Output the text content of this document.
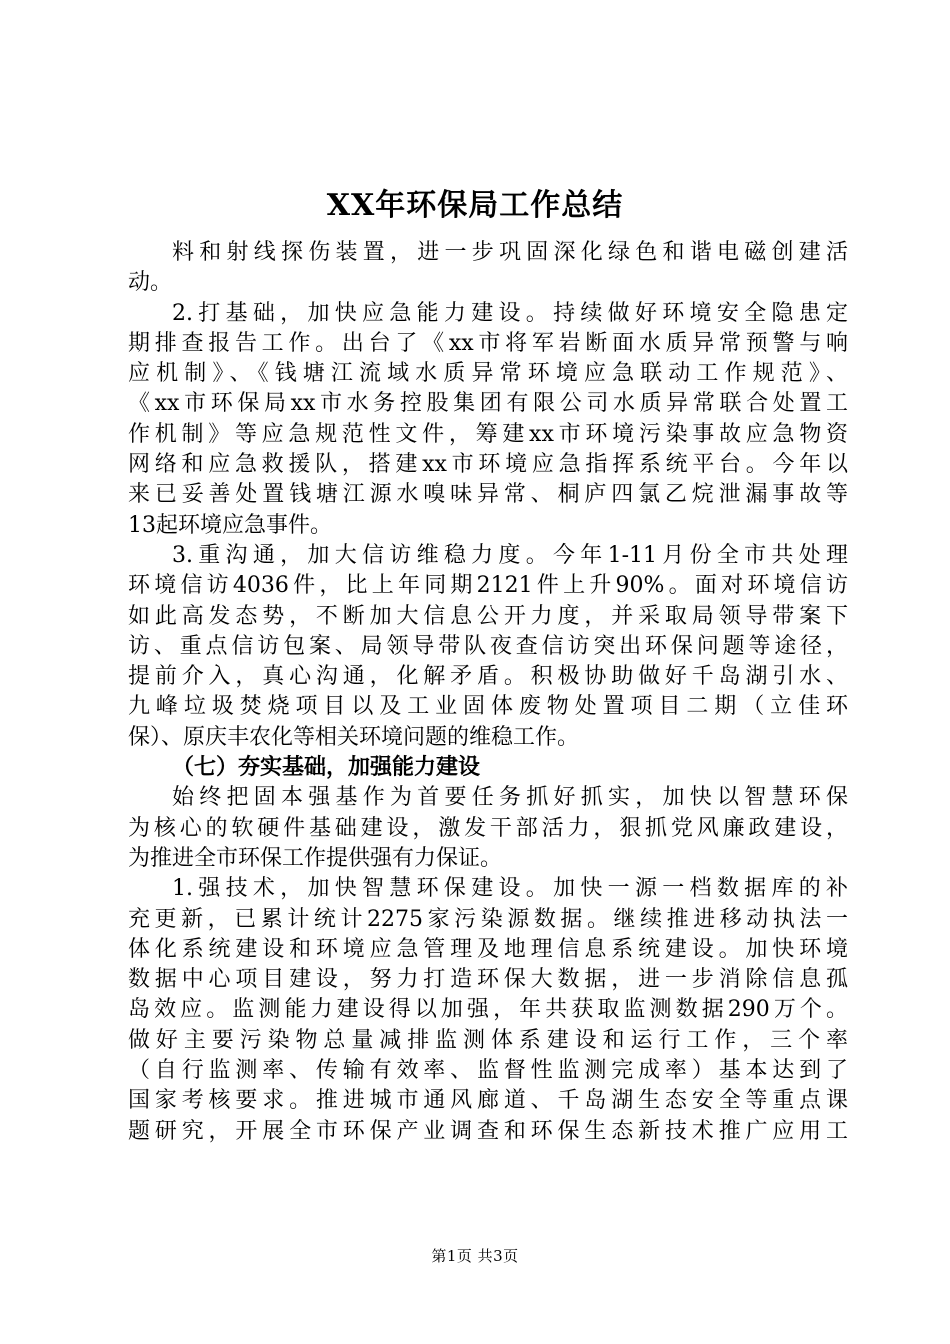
XX年环保局工作总结
料和射线探伤装置，进一步巩固深化绿色和谐电磁创建活
动。
2.打基础，加快应急能力建设。持续做好环境安全隐患定
期排查报告工作。出台了《xx市将军岩断面水质异常预警与响
应机制》、《钱塘江流域水质异常环境应急联动工作规范》、
《xx市环保局xx市水务控股集团有限公司水质异常联合处置工
作机制》等应急规范性文件，筹建xx市环境污染事故应急物资
网络和应急救援队，搭建xx市环境应急指挥系统平台。今年以
来已妥善处置钱塘江源水嗅味异常、桐庐四氯乙烷泄漏事故等
13起环境应急事件。
3.重沟通，加大信访维稳力度。今年1-11月份全市共处理
环境信访4036件，比上年同期2121件上升90%。面对环境信访
如此高发态势，不断加大信息公开力度，并采取局领导带案下
访、重点信访包案、局领导带队夜查信访突出环保问题等途径，
提前介入，真心沟通，化解矛盾。积极协助做好千岛湖引水、
九峰垃圾焚烧项目以及工业固体废物处置项目二期（立佳环
保）、原庆丰农化等相关环境问题的维稳工作。
（七）夯实基础，加强能力建设
始终把固本强基作为首要任务抓好抓实，加快以智慧环保
为核心的软硬件基础建设，激发干部活力，狠抓党风廉政建设，
为推进全市环保工作提供强有力保证。
1.强技术，加快智慧环保建设。加快一源一档数据库的补
充更新，已累计统计2275家污染源数据。继续推进移动执法一
体化系统建设和环境应急管理及地理信息系统建设。加快环境
数据中心项目建设，努力打造环保大数据，进一步消除信息孤
岛效应。监测能力建设得以加强，年共获取监测数据290万个。
做好主要污染物总量减排监测体系建设和运行工作，三个率
（自行监测率、传输有效率、监督性监测完成率）基本达到了
国家考核要求。推进城市通风廊道、千岛湖生态安全等重点课
题研究，开展全市环保产业调查和环保生态新技术推广应用工
第1页 共3页
